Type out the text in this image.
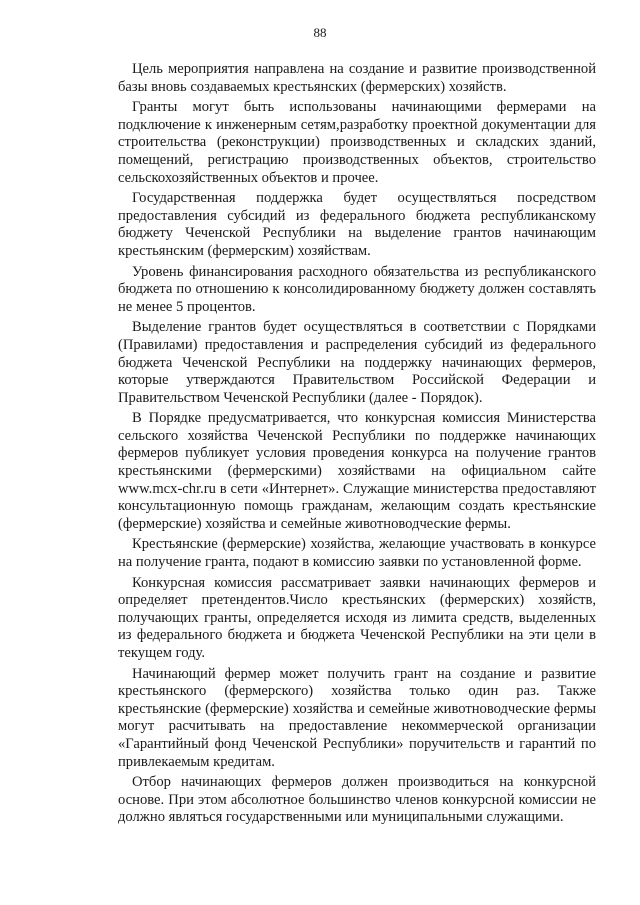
88

Цель мероприятия направлена на создание и развитие производственной базы вновь создаваемых крестьянских (фермерских) хозяйств.

Гранты могут быть использованы начинающими фермерами на подключение к инженерным сетям,разработку проектной документации для строительства (реконструкции) производственных и складских зданий, помещений, регистрацию производственных объектов, строительство сельскохозяйственных объектов и прочее.

Государственная поддержка будет осуществляться посредством предоставления субсидий из федерального бюджета республиканскому бюджету Чеченской Республики на выделение грантов начинающим крестьянским (фермерским) хозяйствам.

Уровень финансирования расходного обязательства из республиканского бюджета по отношению к консолидированному бюджету должен составлять не менее 5 процентов.

Выделение грантов будет осуществляться в соответствии с Порядками (Правилами) предоставления и распределения субсидий из федерального бюджета Чеченской Республики на поддержку начинающих фермеров, которые утверждаются Правительством Российской Федерации и Правительством Чеченской Республики (далее - Порядок).

В Порядке предусматривается, что конкурсная комиссия Министерства сельского хозяйства Чеченской Республики по поддержке начинающих фермеров публикует условия проведения конкурса на получение грантов крестьянскими (фермерскими) хозяйствами на официальном сайте www.mcx-chr.ru в сети «Интернет». Служащие министерства предоставляют консультационную помощь гражданам, желающим создать крестьянские (фермерские) хозяйства и семейные животноводческие фермы.

Крестьянские (фермерские) хозяйства, желающие участвовать в конкурсе на получение гранта, подают в комиссию заявки по установленной форме.

Конкурсная комиссия рассматривает заявки начинающих фермеров и определяет претендентов.Число крестьянских (фермерских) хозяйств, получающих гранты, определяется исходя из лимита средств, выделенных из федерального бюджета и бюджета Чеченской Республики на эти цели в текущем году.

Начинающий фермер может получить грант на создание и развитие крестьянского (фермерского) хозяйства только один раз. Также крестьянские (фермерские) хозяйства и семейные животноводческие фермы могут расчитывать на предоставление некоммерческой организации «Гарантийный фонд Чеченской Республики» поручительств и гарантий по привлекаемым кредитам.

Отбор начинающих фермеров должен производиться на конкурсной основе. При этом абсолютное большинство членов конкурсной комиссии не должно являться государственными или муниципальными служащими.
